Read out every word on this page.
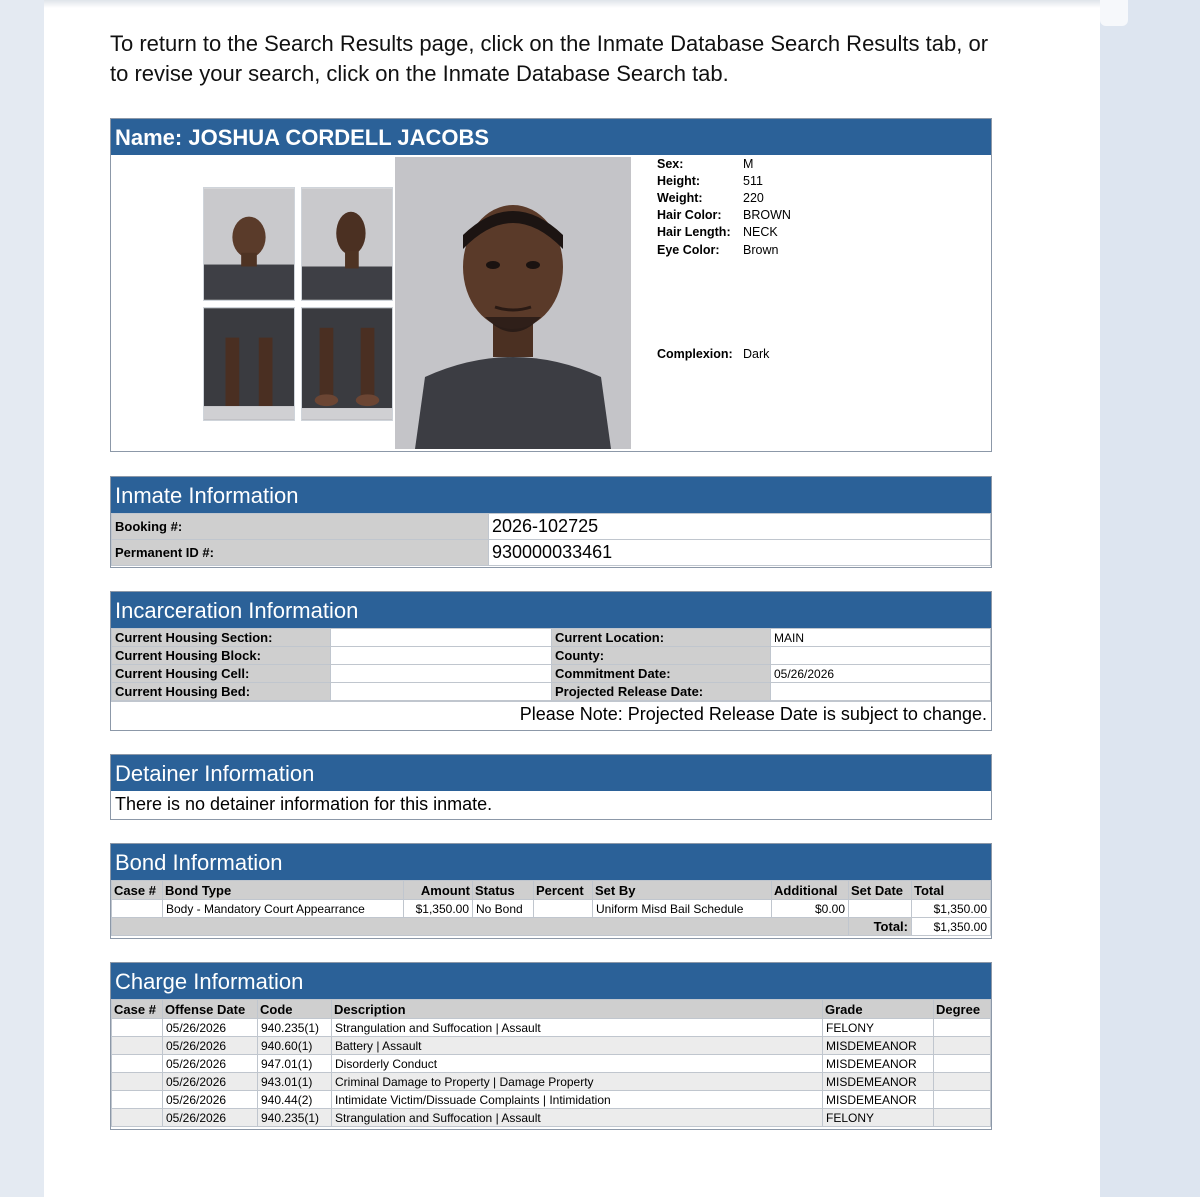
To return to the Search Results page, click on the Inmate Database Search Results tab, or to revise your search, click on the Inmate Database Search tab.
Name: JOSHUA CORDELL JACOBS
Sex:	M
Height:	511
Weight:	220
Hair Color: BROWN
Hair Length: NECK
Eye Color: Brown
Complexion: Dark
Inmate Information
Booking #:	2026-102725
Permanent ID #:	930000033461
Incarceration Information
Current Housing Section:		Current Location:	MAIN
Current Housing Block:		County:	
Current Housing Cell:		Commitment Date:	05/26/2026
Current Housing Bed:		Projected Release Date:	
Please Note: Projected Release Date is subject to change.
Detainer Information
There is no detainer information for this inmate.
Bond Information
Case #	Bond Type	Amount	Status	Percent	Set By	Additional	Set Date	Total
	Body - Mandatory Court Appearrance	$1,350.00	No Bond		Uniform Misd Bail Schedule	$0.00		$1,350.00
							Total:	$1,350.00
Charge Information
Case #	Offense Date	Code	Description	Grade	Degree
	05/26/2026	940.235(1)	Strangulation and Suffocation | Assault	FELONY	
	05/26/2026	940.60(1)	Battery | Assault	MISDEMEANOR	
	05/26/2026	947.01(1)	Disorderly Conduct	MISDEMEANOR	
	05/26/2026	943.01(1)	Criminal Damage to Property | Damage Property	MISDEMEANOR	
	05/26/2026	940.44(2)	Intimidate Victim/Dissuade Complaints | Intimidation	MISDEMEANOR	
	05/26/2026	940.235(1)	Strangulation and Suffocation | Assault	FELONY	
